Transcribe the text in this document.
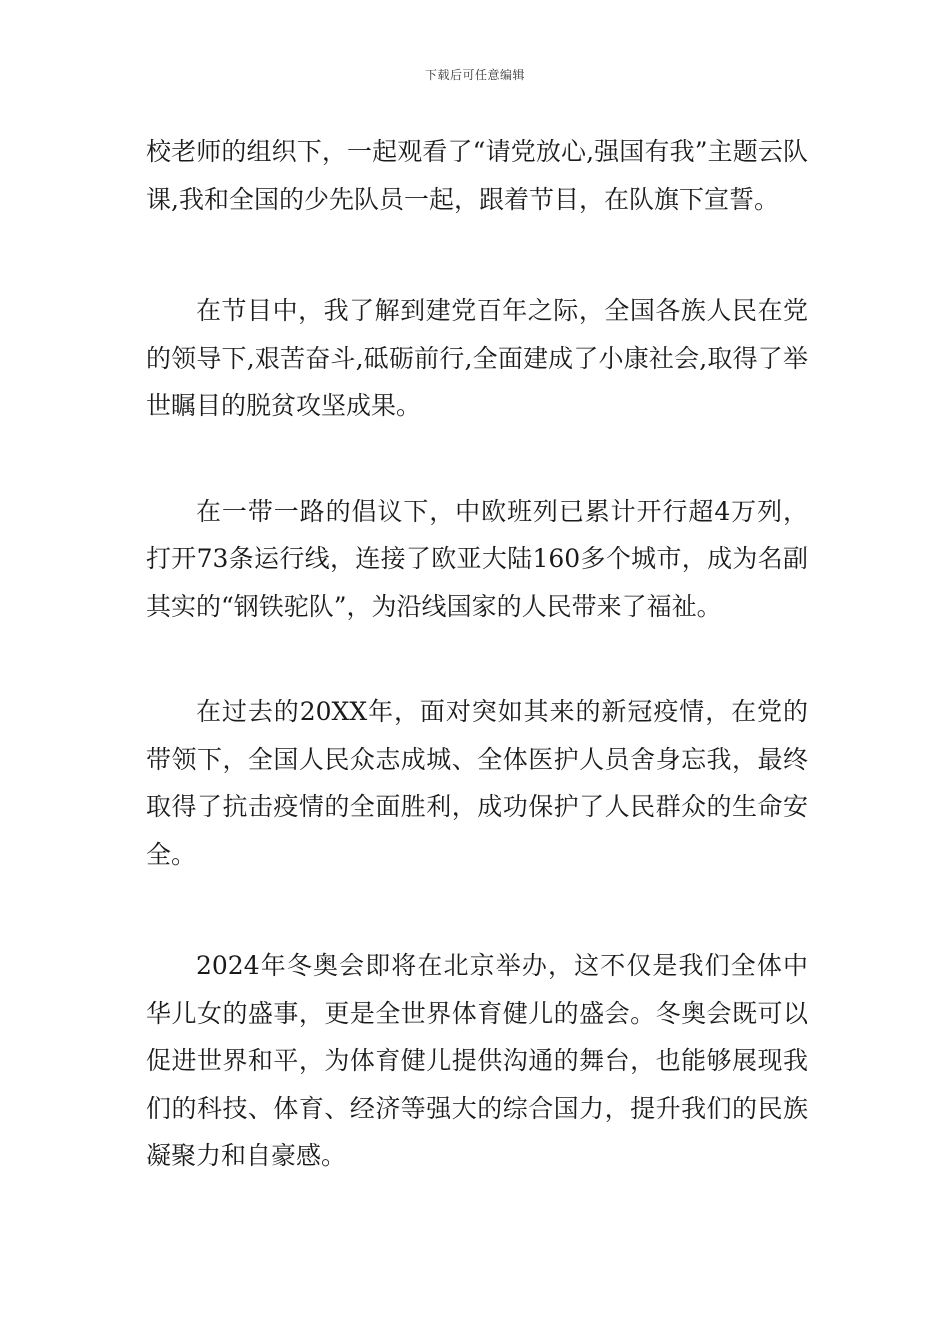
下载后可任意编辑

校老师的组织下，一起观看了“请党放心,强国有我”主题云队课,我和全国的少先队员一起，跟着节目，在队旗下宣誓。

在节目中，我了解到建党百年之际，全国各族人民在党的领导下,艰苦奋斗,砥砺前行,全面建成了小康社会,取得了举世瞩目的脱贫攻坚成果。

在一带一路的倡议下，中欧班列已累计开行超4万列，打开73条运行线，连接了欧亚大陆160多个城市，成为名副其实的“钢铁驼队”，为沿线国家的人民带来了福祉。

在过去的20XX年，面对突如其来的新冠疫情，在党的带领下，全国人民众志成城、全体医护人员舍身忘我，最终取得了抗击疫情的全面胜利，成功保护了人民群众的生命安全。

2024年冬奥会即将在北京举办，这不仅是我们全体中华儿女的盛事，更是全世界体育健儿的盛会。冬奥会既可以促进世界和平，为体育健儿提供沟通的舞台，也能够展现我们的科技、体育、经济等强大的综合国力，提升我们的民族凝聚力和自豪感。
